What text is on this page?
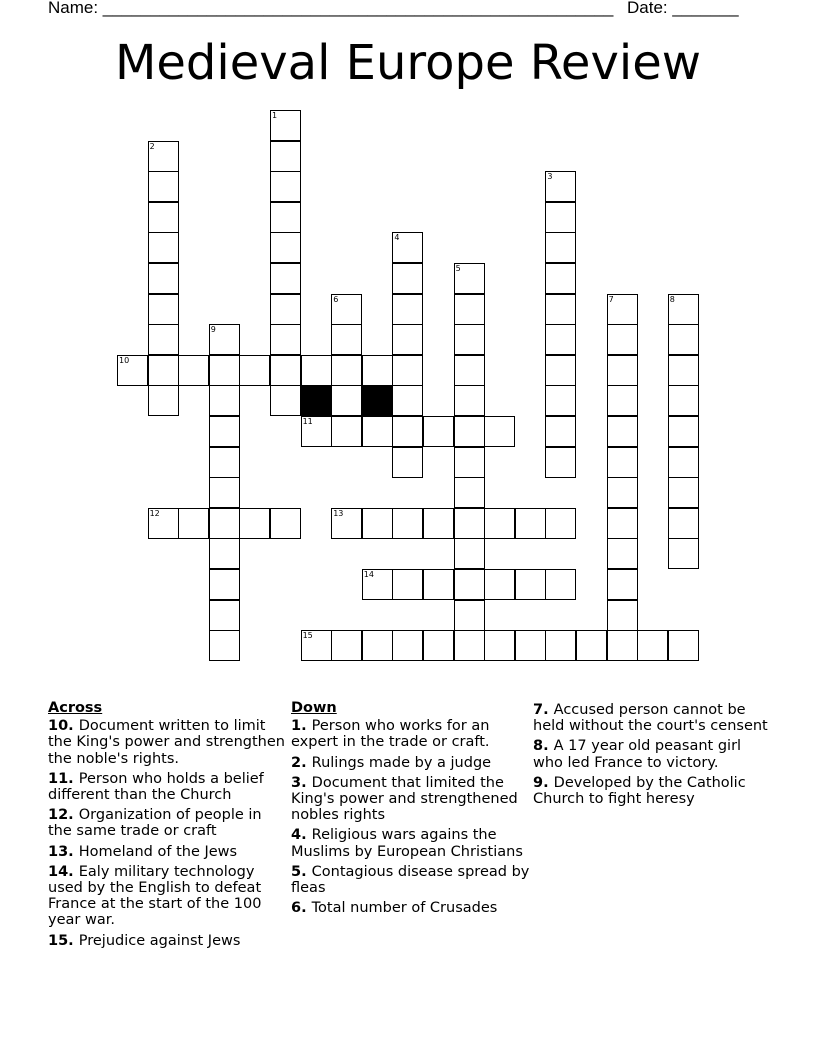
Name: ______________________________________________________ Date: _______
Medieval Europe Review
1
2
3
4
5
6	7	8
9
10
11
12	13
14
15
Across
10. Document written to limit the King's power and strengthen the noble's rights.
11. Person who holds a belief different than the Church
12. Organization of people in the same trade or craft
13. Homeland of the Jews
14. Ealy military technology used by the English to defeat France at the start of the 100 year war.
15. Prejudice against Jews
Down
1. Person who works for an expert in the trade or craft.
2. Rulings made by a judge
3. Document that limited the King's power and strengthened nobles rights
4. Religious wars agains the Muslims by European Christians
5. Contagious disease spread by fleas
6. Total number of Crusades
7. Accused person cannot be held without the court's censent
8. A 17 year old peasant girl who led France to victory.
9. Developed by the Catholic Church to fight heresy
